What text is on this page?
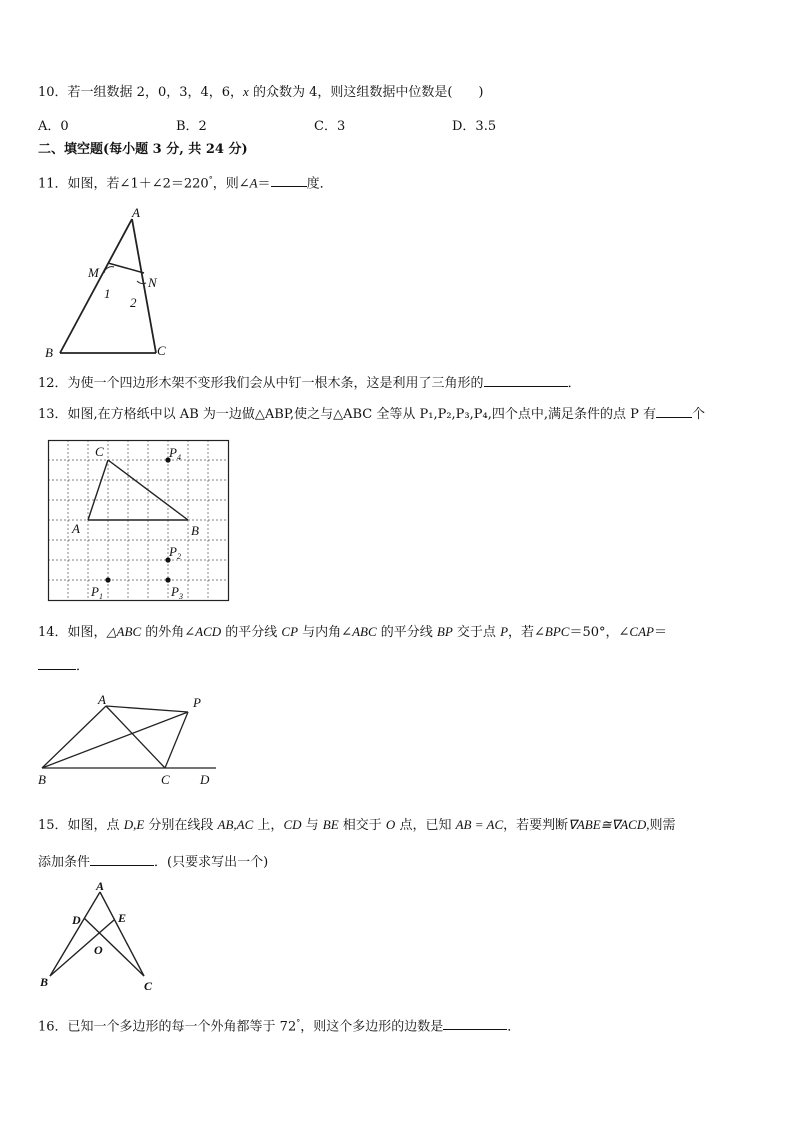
10．若一组数据 2，0，3，4，6，x 的众数为 4，则这组数据中位数是(　　)
A．0	B．2	C．3	D．3.5
二、填空题(每小题 3 分, 共 24 分)
11．如图，若∠1＋∠2＝220°，则∠A＝	度．
A
M
N
1
2
B	C
12．为使一个四边形木架不变形我们会从中钉一根木条，这是利用了三角形的	．
13．如图,在方格纸中以 AB 为一边做△ABP,使之与△ABC 全等从 P₁,P₂,P₃,P₄,四个点中,满足条件的点 P 有	个
C
A	B
$P_4$
$P_2$
$P_3$
$P_1$
14．如图，△ABC 的外角∠ACD 的平分线 CP 与内角∠ABC 的平分线 BP 交于点 P，若∠BPC＝50°，∠CAP＝
．
A	P
B	C D
15．如图，点 D,E 分别在线段 AB,AC 上，CD 与 BE 相交于 O 点，已知 AB = AC，若要判断∇ABE≅∇ACD,则需
添加条件	．(只要求写出一个)
A
D	E
O
B	C
16．已知一个多边形的每一个外角都等于 72°，则这个多边形的边数是	．
